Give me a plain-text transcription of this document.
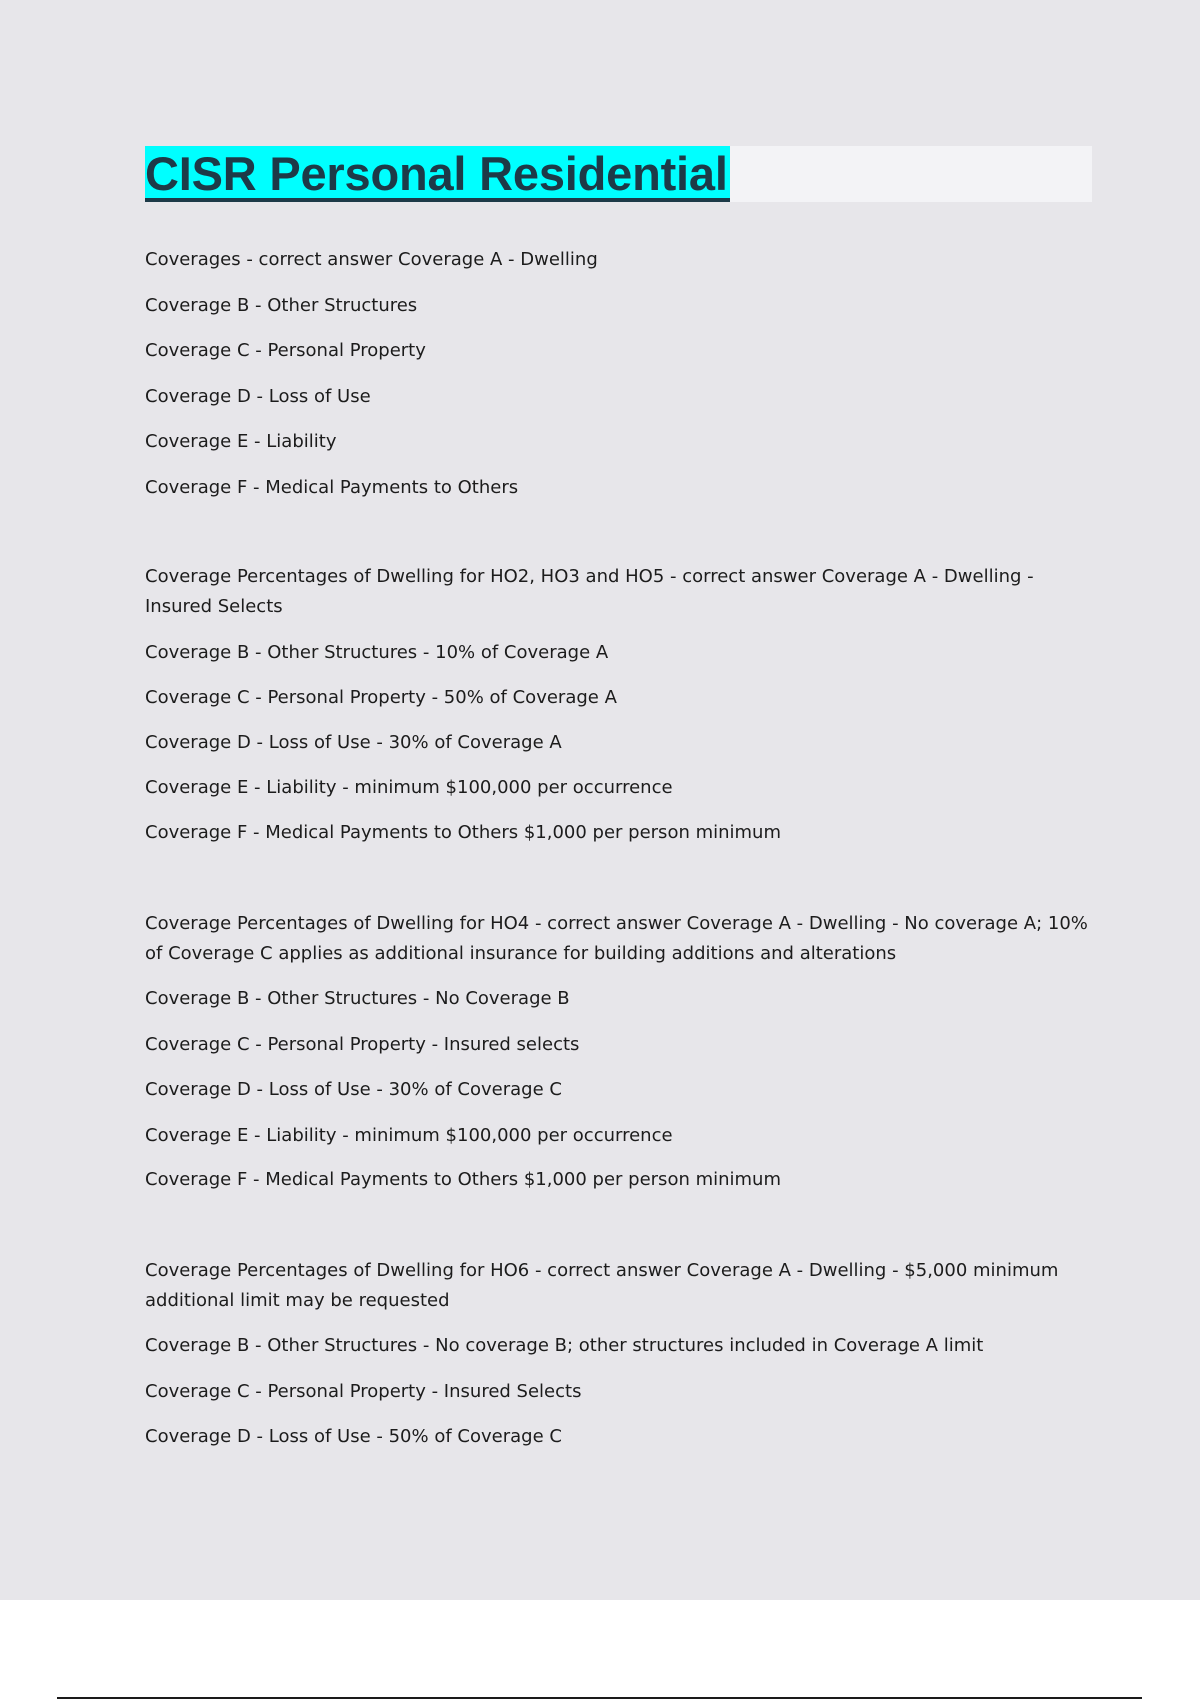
CISR Personal Residential

Coverages - correct answer Coverage A - Dwelling

Coverage B - Other Structures

Coverage C - Personal Property

Coverage D - Loss of Use

Coverage E - Liability

Coverage F - Medical Payments to Others

Coverage Percentages of Dwelling for HO2, HO3 and HO5 - correct answer Coverage A - Dwelling - Insured Selects

Coverage B - Other Structures - 10% of Coverage A

Coverage C - Personal Property - 50% of Coverage A

Coverage D - Loss of Use - 30% of Coverage A

Coverage E - Liability - minimum $100,000 per occurrence

Coverage F - Medical Payments to Others $1,000 per person minimum

Coverage Percentages of Dwelling for HO4 - correct answer Coverage A - Dwelling - No coverage A; 10% of Coverage C applies as additional insurance for building additions and alterations

Coverage B - Other Structures - No Coverage B

Coverage C - Personal Property - Insured selects

Coverage D - Loss of Use - 30% of Coverage C

Coverage E - Liability - minimum $100,000 per occurrence

Coverage F - Medical Payments to Others $1,000 per person minimum

Coverage Percentages of Dwelling for HO6 - correct answer Coverage A - Dwelling - $5,000 minimum additional limit may be requested

Coverage B - Other Structures - No coverage B; other structures included in Coverage A limit

Coverage C - Personal Property - Insured Selects

Coverage D - Loss of Use - 50% of Coverage C
